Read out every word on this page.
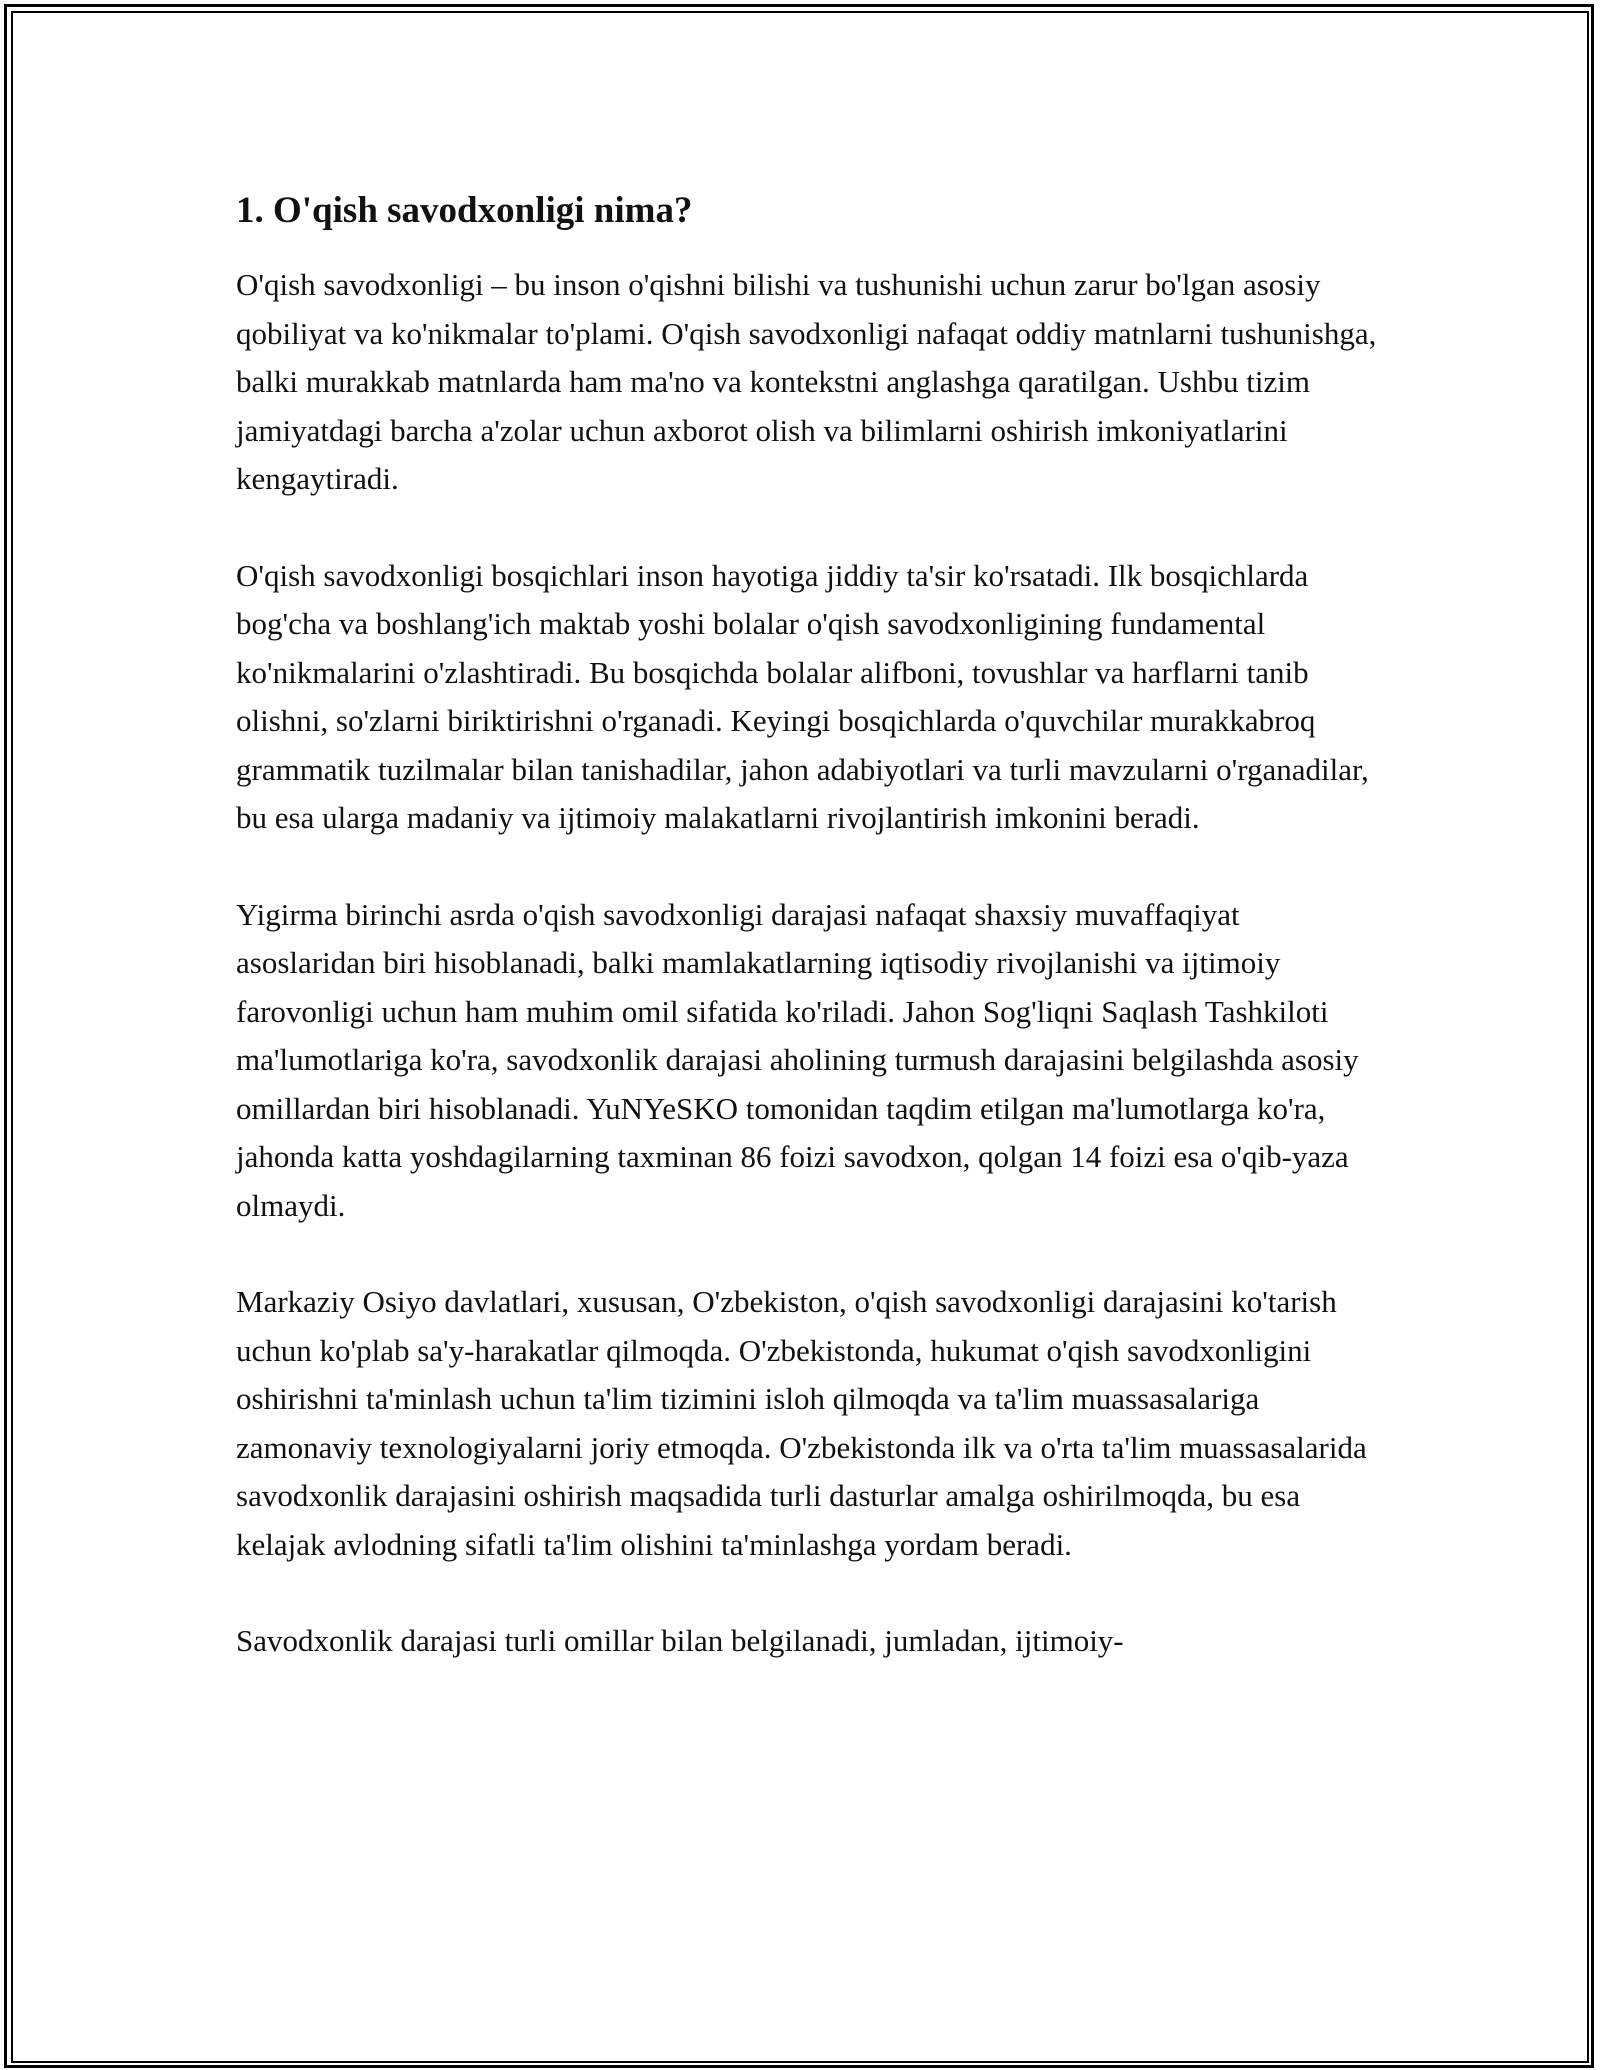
1. O'qish savodxonligi nima?

O'qish savodxonligi – bu inson o'qishni bilishi va tushunishi uchun zarur bo'lgan asosiy qobiliyat va ko'nikmalar to'plami. O'qish savodxonligi nafaqat oddiy matnlarni tushunishga, balki murakkab matnlarda ham ma'no va kontekstni anglashga qaratilgan. Ushbu tizim jamiyatdagi barcha a'zolar uchun axborot olish va bilimlarni oshirish imkoniyatlarini kengaytiradi.

O'qish savodxonligi bosqichlari inson hayotiga jiddiy ta'sir ko'rsatadi. Ilk bosqichlarda bog'cha va boshlang'ich maktab yoshi bolalar o'qish savodxonligining fundamental ko'nikmalarini o'zlashtiradi. Bu bosqichda bolalar alifboni, tovushlar va harflarni tanib olishni, so'zlarni biriktirishni o'rganadi. Keyingi bosqichlarda o'quvchilar murakkabroq grammatik tuzilmalar bilan tanishadilar, jahon adabiyotlari va turli mavzularni o'rganadilar, bu esa ularga madaniy va ijtimoiy malakatlarni rivojlantirish imkonini beradi.

Yigirma birinchi asrda o'qish savodxonligi darajasi nafaqat shaxsiy muvaffaqiyat asoslaridan biri hisoblanadi, balki mamlakatlarning iqtisodiy rivojlanishi va ijtimoiy farovonligi uchun ham muhim omil sifatida ko'riladi. Jahon Sog'liqni Saqlash Tashkiloti ma'lumotlariga ko'ra, savodxonlik darajasi aholining turmush darajasini belgilashda asosiy omillardan biri hisoblanadi. YuNYeSKO tomonidan taqdim etilgan ma'lumotlarga ko'ra, jahonda katta yoshdagilarning taxminan 86 foizi savodxon, qolgan 14 foizi esa o'qib-yaza olmaydi.

Markaziy Osiyo davlatlari, xususan, O'zbekiston, o'qish savodxonligi darajasini ko'tarish uchun ko'plab sa'y-harakatlar qilmoqda. O'zbekistonda, hukumat o'qish savodxonligini oshirishni ta'minlash uchun ta'lim tizimini isloh qilmoqda va ta'lim muassasalariga zamonaviy texnologiyalarni joriy etmoqda. O'zbekistonda ilk va o'rta ta'lim muassasalarida savodxonlik darajasini oshirish maqsadida turli dasturlar amalga oshirilmoqda, bu esa kelajak avlodning sifatli ta'lim olishini ta'minlashga yordam beradi.

Savodxonlik darajasi turli omillar bilan belgilanadi, jumladan, ijtimoiy-
